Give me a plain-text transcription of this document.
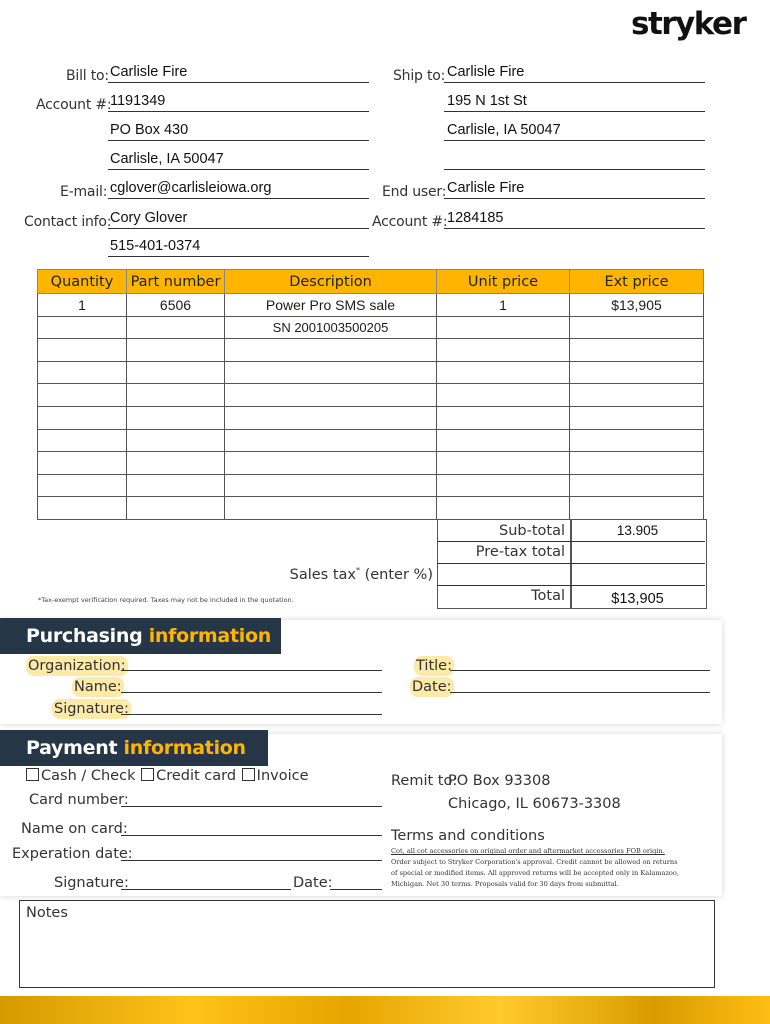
stryker
Bill to: Carlisle Fire
Account #:
1191349
PO Box 430
Carlisle, IA 50047
E-mail: cglover@carlisleiowa.org
Contact info:
Cory Glover
515-401-0374
Ship to: Carlisle Fire
195 N 1st St
Carlisle, IA 50047
End user: Carlisle Fire
Account #: 1284185
Quantity	Part number	Description	Unit price	Ext price
1	6506	Power Pro SMS sale	1	$13,905
		SN 2001003500205		

Sub-total	13.905
Pre-tax total
Sales tax* (enter %)
Total	$13,905
*Tax-exempt verification required. Taxes may not be included in the quotation.
Purchasing information
Organization:
Name:
Signature:
Title:
Date:
Payment information
Cash / Check Credit card Invoice
Card number:
Name on card:
Experation date:
Signature:	Date:
Remit to:
PO Box 93308
Chicago, IL 60673-3308
Terms and conditions
Cot, all cot accessories on original order and aftermarket accessories FOB origin.
Order subject to Stryker Corporation's approval. Credit cannot be allowed on returns
of special or modified items. All approved returns will be accepted only in Kalamazoo,
Michigan. Net 30 terms. Proposals valid for 30 days from submittal.
Notes
